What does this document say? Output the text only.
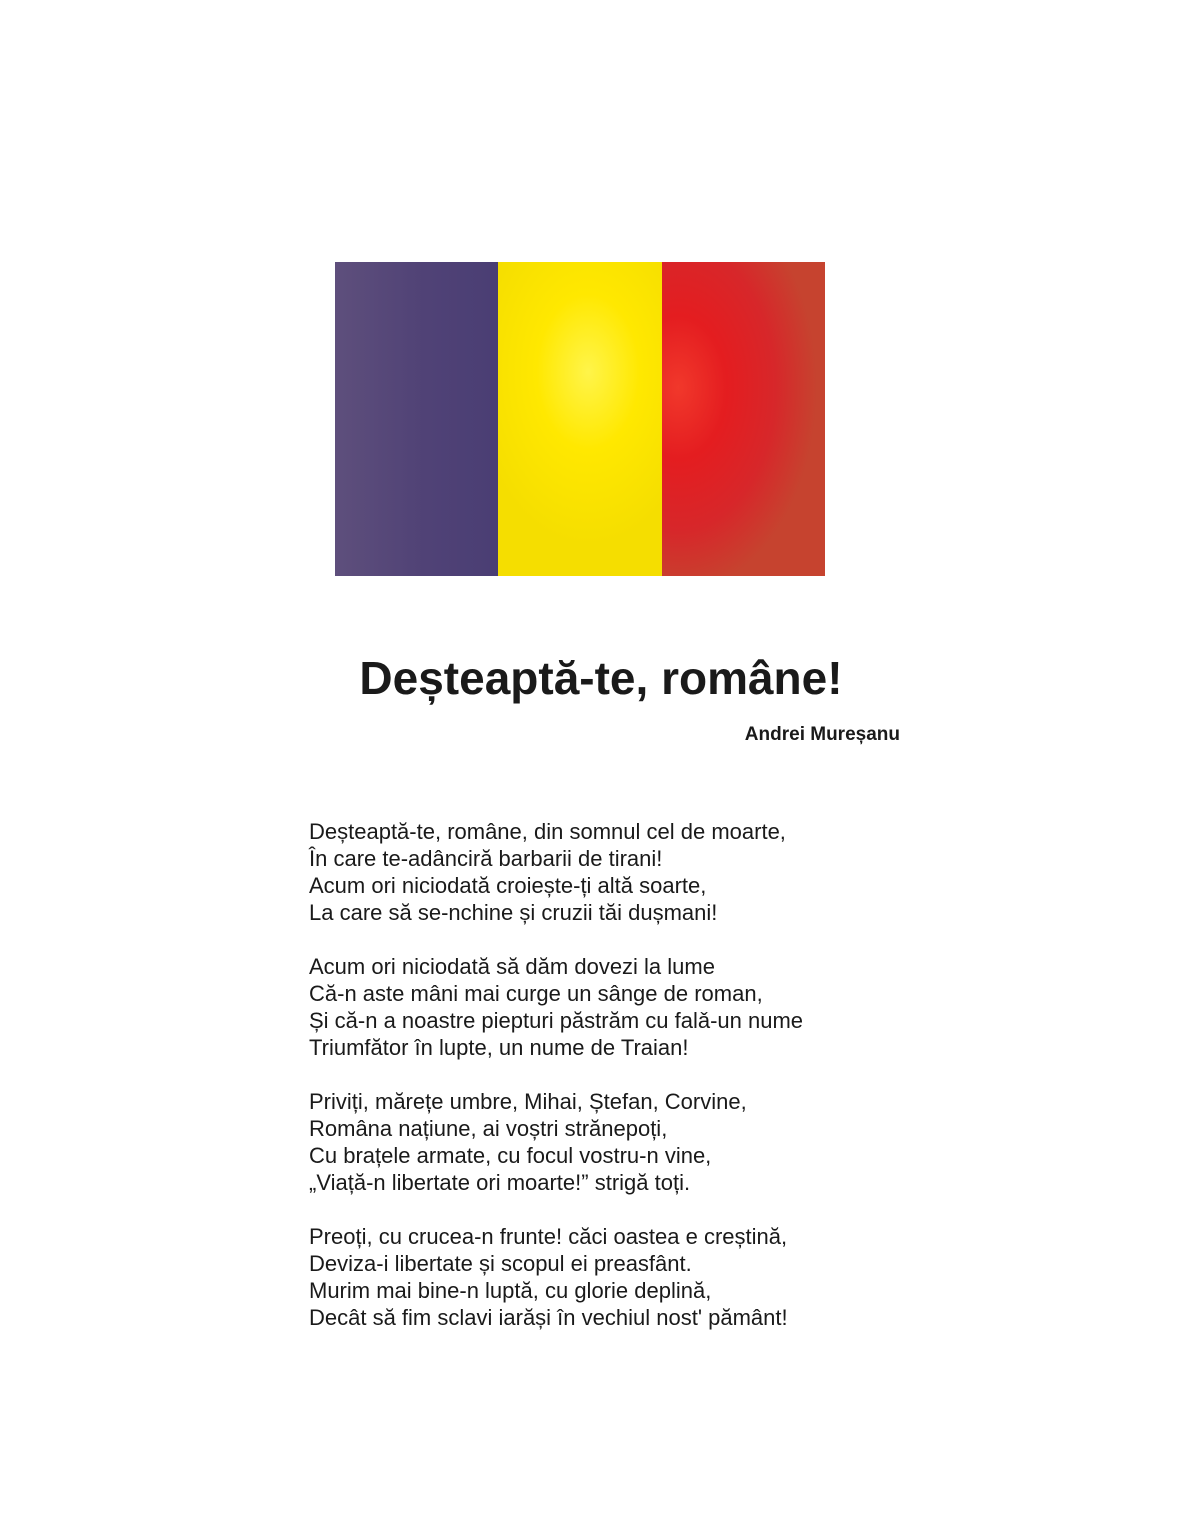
Deșteaptă-te, române!
Andrei Mureșanu
Deșteaptă-te, române, din somnul cel de moarte,
În care te-adânciră barbarii de tirani!
Acum ori niciodată croiește-ți altă soarte,
La care să se-nchine și cruzii tăi dușmani!
Acum ori niciodată să dăm dovezi la lume
Că-n aste mâni mai curge un sânge de roman,
Și că-n a noastre piepturi păstrăm cu falǎ-un nume
Triumfător în lupte, un nume de Traian!
Priviți, mărețe umbre, Mihai, Ștefan, Corvine,
Româna națiune, ai voștri strănepoți,
Cu brațele armate, cu focul vostru-n vine,
„Viață-n libertate ori moarte!” strigă toți.
Preoți, cu crucea-n frunte! căci oastea e creștină,
Deviza-i libertate și scopul ei preasfânt.
Murim mai bine-n luptă, cu glorie deplină,
Decât să fim sclavi iarăși în vechiul nost' pământ!
